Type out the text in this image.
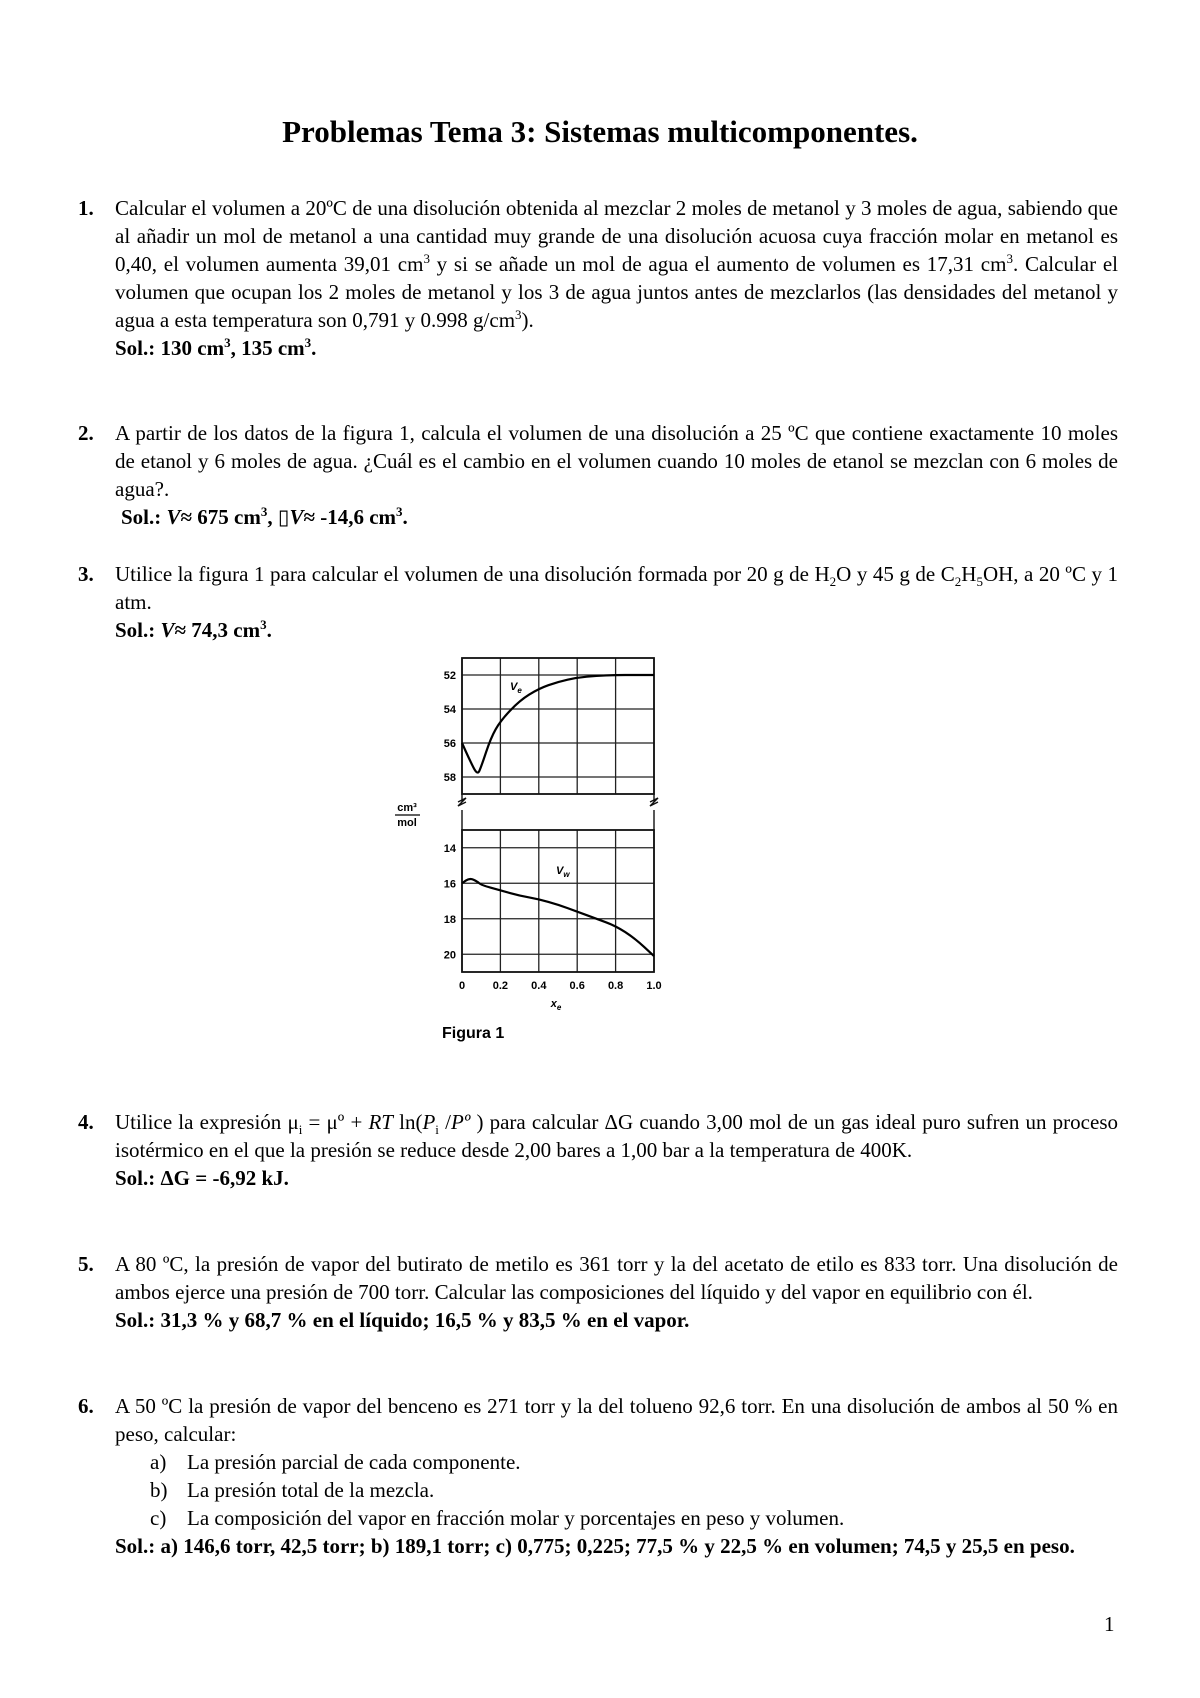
Problemas Tema 3: Sistemas multicomponentes.
1. Calcular el volumen a 20ºC de una disolución obtenida al mezclar 2 moles de metanol y 3 moles de agua, sabiendo que al añadir un mol de metanol a una cantidad muy grande de una disolución acuosa cuya fracción molar en metanol es 0,40, el volumen aumenta 39,01 $cm^3$ y si se añade un mol de agua el aumento de volumen es 17,31 $cm^3$. Calcular el volumen que ocupan los 2 moles de metanol y los 3 de agua juntos antes de mezclarlos (las densidades del metanol y agua a esta temperatura son 0,791 y 0.998 $g/cm^3$).
Sol.: 130 $cm^3$, 135 $cm^3$.
2. A partir de los datos de la figura 1, calcula el volumen de una disolución a 25 ºC que contiene exactamente 10 moles de etanol y 6 moles de agua. ¿Cuál es el cambio en el volumen cuando 10 moles de etanol se mezclan con 6 moles de agua?.
Sol.: V≈ 675 $cm^3$, ▯V≈ -14,6 $cm^3$.
3. Utilice la figura 1 para calcular el volumen de una disolución formada por 20 g de $H_2O$ y 45 g de $C_2H_5OH$, a 20 ºC y 1 atm.
Sol.: V≈ 74,3 $cm^3$.
58
56
54
52
20
18
16
14
0	0.2 0.4 0.6 0.8 1.0
$V_e$
$V_w$
cm³
mol
$x_e$
Figura 1
4. Utilice la expresión $\mu_i$ = μº + RT $\ln(P_i$ /Pº ) para calcular ΔG cuando 3,00 mol de un gas ideal puro sufren un proceso isotérmico en el que la presión se reduce desde 2,00 bares a 1,00 bar a la temperatura de 400K.
Sol.: ΔG = -6,92 kJ.
5. A 80 ºC, la presión de vapor del butirato de metilo es 361 torr y la del acetato de etilo es 833 torr. Una disolución de ambos ejerce una presión de 700 torr. Calcular las composiciones del líquido y del vapor en equilibrio con él.
Sol.: 31,3 % y 68,7 % en el líquido; 16,5 % y 83,5 % en el vapor.
6. A 50 ºC la presión de vapor del benceno es 271 torr y la del tolueno 92,6 torr. En una disolución de ambos al 50 % en peso, calcular:
a) La presión parcial de cada componente.
b) La presión total de la mezcla.
c) La composición del vapor en fracción molar y porcentajes en peso y volumen.
Sol.: a) 146,6 torr, 42,5 torr; b) 189,1 torr; c) 0,775; 0,225; 77,5 % y 22,5 % en volumen; 74,5 y 25,5 en peso.
1
